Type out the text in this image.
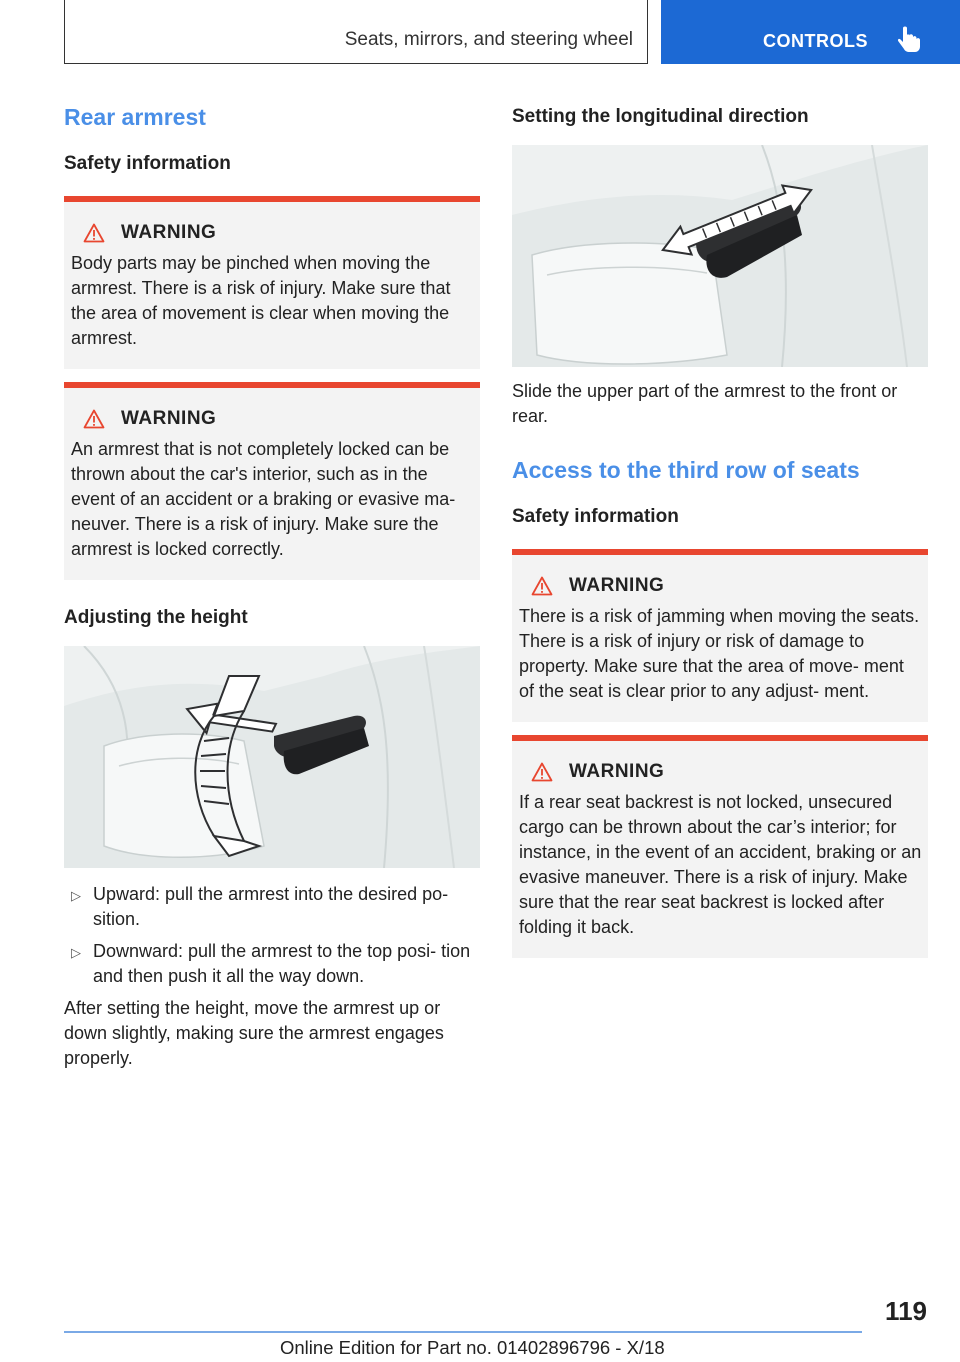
Seats, mirrors, and steering wheel	CONTROLS
Rear armrest
Safety information
WARNING

Body parts may be pinched when moving the armrest. There is a risk of injury. Make sure that the area of movement is clear when moving the armrest.

WARNING

An armrest that is not completely locked can be thrown about the car's interior, such as in the event of an accident or a braking or evasive ma‐ neuver. There is a risk of injury. Make sure the armrest is locked correctly.

Adjusting the height
▷ Upward: pull the armrest into the desired po‐ sition.
▷ Downward: pull the armrest to the top posi‐ tion and then push it all the way down.

After setting the height, move the armrest up or down slightly, making sure the armrest engages properly.

Setting the longitudinal direction

Slide the upper part of the armrest to the front or rear.

Access to the third row of seats
Safety information
WARNING

There is a risk of jamming when moving the seats. There is a risk of injury or risk of damage to property. Make sure that the area of move‐ ment of the seat is clear prior to any adjust‐ ment.

WARNING

If a rear seat backrest is not locked, unsecured cargo can be thrown about the car’s interior; for instance, in the event of an accident, braking or an evasive maneuver. There is a risk of injury. Make sure that the rear seat backrest is locked after folding it back.

119
Online Edition for Part no. 01402896796 - X/18
